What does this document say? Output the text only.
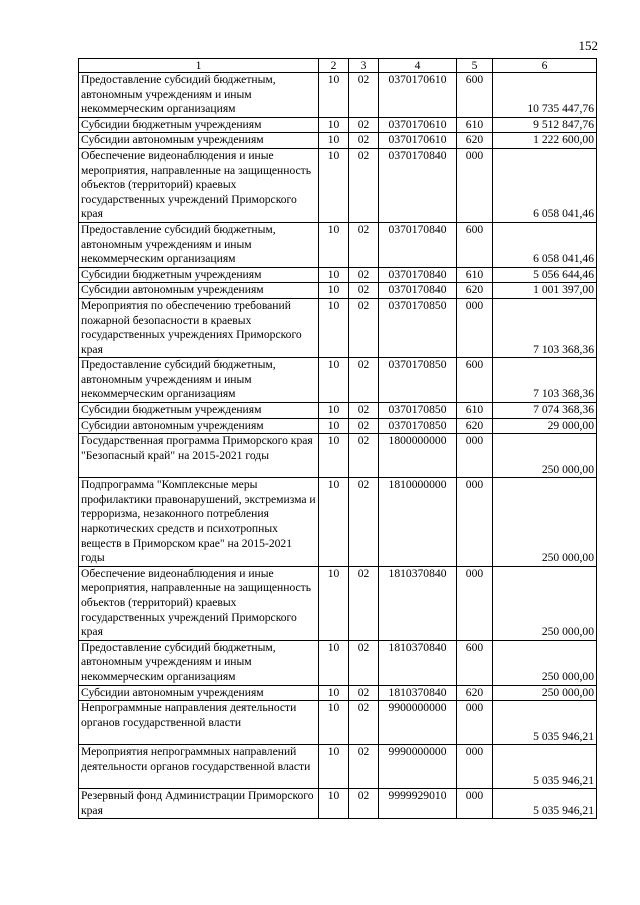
152
1	2	3	4	5	6
Предоставление субсидий бюджетным, автономным учреждениям и иным некоммерческим организациям	10	02	0370170610	600	10 735 447,76
Субсидии бюджетным учреждениям	10	02	0370170610	610	9 512 847,76
Субсидии автономным учреждениям	10	02	0370170610	620	1 222 600,00
Обеспечение видеонаблюдения и иные мероприятия, направленные на защищенность объектов (территорий) краевых государственных учреждений Приморского края	10	02	0370170840	000	6 058 041,46
Предоставление субсидий бюджетным, автономным учреждениям и иным некоммерческим организациям	10	02	0370170840	600	6 058 041,46
Субсидии бюджетным учреждениям	10	02	0370170840	610	5 056 644,46
Субсидии автономным учреждениям	10	02	0370170840	620	1 001 397,00
Мероприятия по обеспечению требований пожарной безопасности в краевых государственных учреждениях Приморского края	10	02	0370170850	000	7 103 368,36
Предоставление субсидий бюджетным, автономным учреждениям и иным некоммерческим организациям	10	02	0370170850	600	7 103 368,36
Субсидии бюджетным учреждениям	10	02	0370170850	610	7 074 368,36
Субсидии автономным учреждениям	10	02	0370170850	620	29 000,00
Государственная программа Приморского края "Безопасный край" на 2015-2021 годы	10	02	1800000000	000	250 000,00
Подпрограмма "Комплексные меры профилактики правонарушений, экстремизма и терроризма, незаконного потребления наркотических средств и психотропных веществ в Приморском крае" на 2015-2021 годы	10	02	1810000000	000	250 000,00
Обеспечение видеонаблюдения и иные мероприятия, направленные на защищенность объектов (территорий) краевых государственных учреждений Приморского края	10	02	1810370840	000	250 000,00
Предоставление субсидий бюджетным, автономным учреждениям и иным некоммерческим организациям	10	02	1810370840	600	250 000,00
Субсидии автономным учреждениям	10	02	1810370840	620	250 000,00
Непрограммные направления деятельности органов государственной власти	10	02	9900000000	000	5 035 946,21
Мероприятия непрограммных направлений деятельности органов государственной власти	10	02	9990000000	000	5 035 946,21
Резервный фонд Администрации Приморского края	10	02	9999929010	000	5 035 946,21
